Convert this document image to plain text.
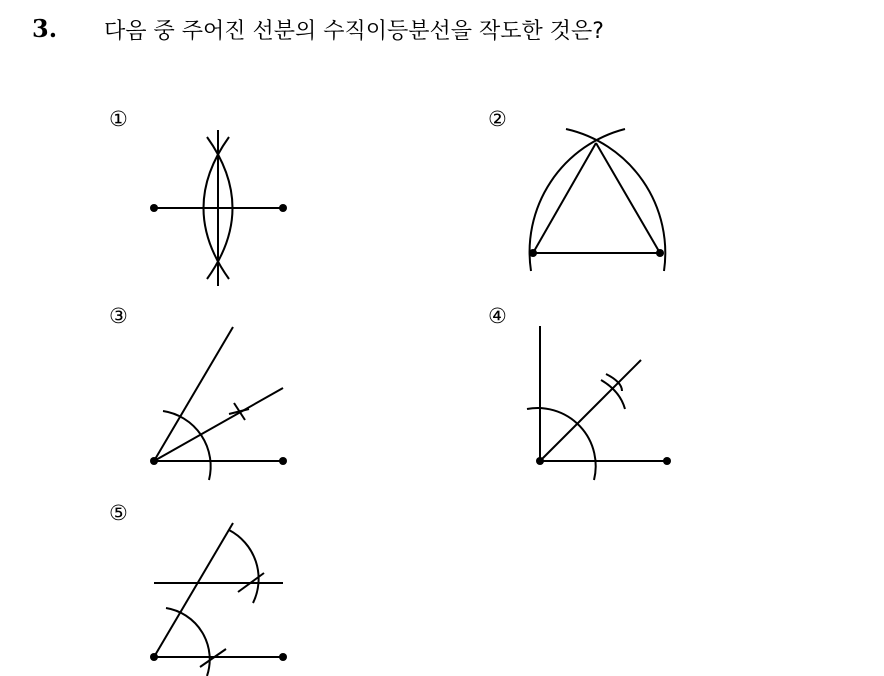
3. 다음 중 주어진 선분의 수직이등분선을 작도한 것은?
①	②
③	④
⑤
